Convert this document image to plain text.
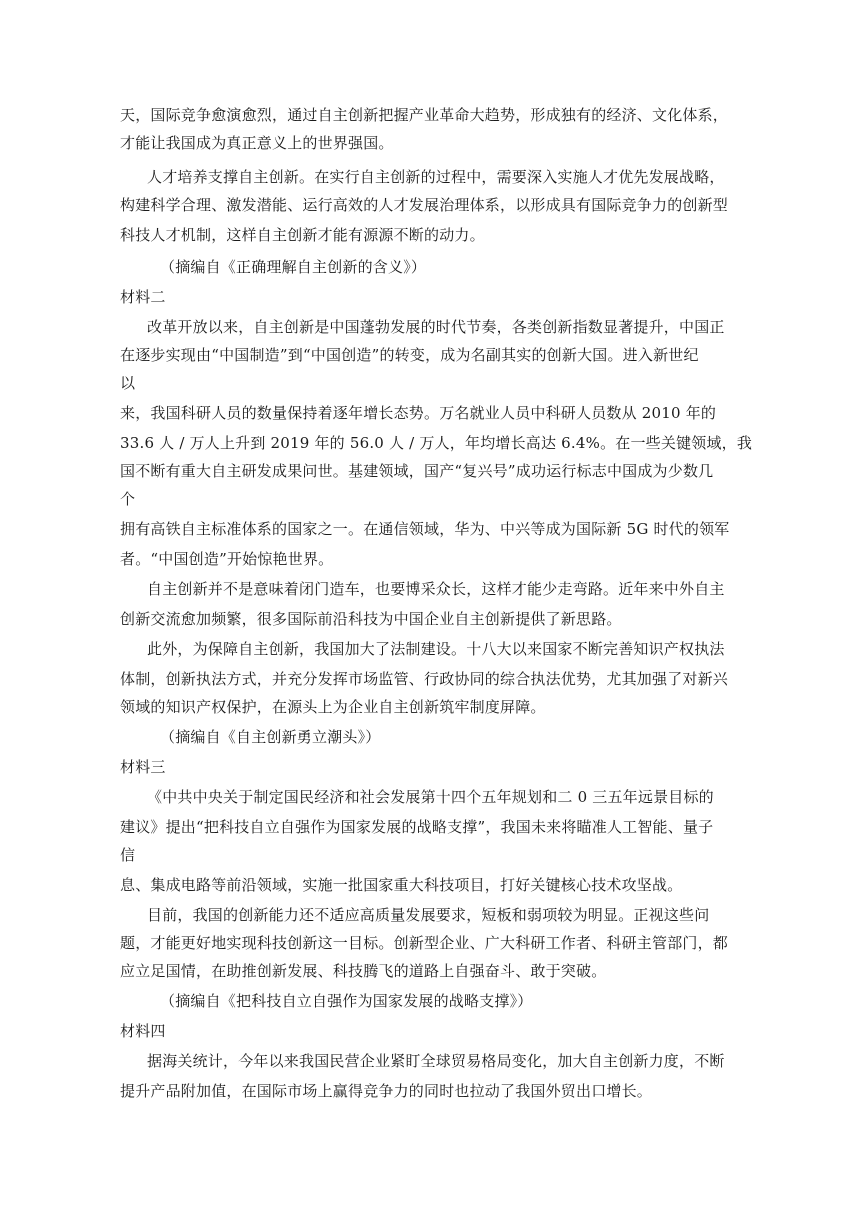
天，国际竞争愈演愈烈，通过自主创新把握产业革命大趋势，形成独有的经济、文化体系，
才能让我国成为真正意义上的世界强国。
人才培养支撑自主创新。在实行自主创新的过程中，需要深入实施人才优先发展战略，
构建科学合理、激发潜能、运行高效的人才发展治理体系，以形成具有国际竞争力的创新型
科技人才机制，这样自主创新才能有源源不断的动力。
（摘编自《正确理解自主创新的含义》）
材料二
改革开放以来，自主创新是中国蓬勃发展的时代节奏，各类创新指数显著提升，中国正
在逐步实现由“中国制造”到“中国创造”的转变，成为名副其实的创新大国。进入新世纪
以
来，我国科研人员的数量保持着逐年增长态势。万名就业人员中科研人员数从 2010 年的
33.6 人 / 万人上升到 2019 年的 56.0 人 / 万人，年均增长高达 6.4%。在一些关键领域，我
国不断有重大自主研发成果问世。基建领域，国产“复兴号”成功运行标志中国成为少数几
个
拥有高铁自主标准体系的国家之一。在通信领域，华为、中兴等成为国际新 5G 时代的领军
者。“中国创造”开始惊艳世界。
自主创新并不是意味着闭门造车，也要博采众长，这样才能少走弯路。近年来中外自主
创新交流愈加频繁，很多国际前沿科技为中国企业自主创新提供了新思路。
此外，为保障自主创新，我国加大了法制建设。十八大以来国家不断完善知识产权执法
体制，创新执法方式，并充分发挥市场监管、行政协同的综合执法优势，尤其加强了对新兴
领域的知识产权保护，在源头上为企业自主创新筑牢制度屏障。
（摘编自《自主创新勇立潮头》）
材料三
《中共中央关于制定国民经济和社会发展第十四个五年规划和二 0 三五年远景目标的
建议》提出“把科技自立自强作为国家发展的战略支撑”，我国未来将瞄准人工智能、量子
信
息、集成电路等前沿领域，实施一批国家重大科技项目，打好关键核心技术攻坚战。
目前，我国的创新能力还不适应高质量发展要求，短板和弱项较为明显。正视这些问
题，才能更好地实现科技创新这一目标。创新型企业、广大科研工作者、科研主管部门，都
应立足国情，在助推创新发展、科技腾飞的道路上自强奋斗、敢于突破。
（摘编自《把科技自立自强作为国家发展的战略支撑》）
材料四
据海关统计，今年以来我国民营企业紧盯全球贸易格局变化，加大自主创新力度，不断
提升产品附加值，在国际市场上赢得竞争力的同时也拉动了我国外贸出口增长。
